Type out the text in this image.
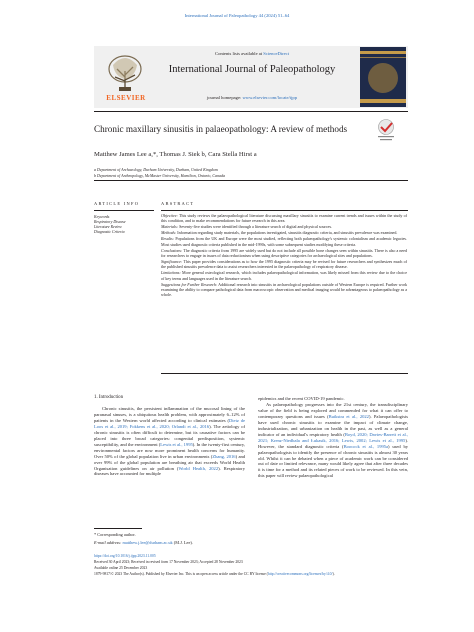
International Journal of Paleopathology 44 (2024) 51–64
ELSEVIER
Contents lists available at ScienceDirect
International Journal of Paleopathology
journal homepage: www.elsevier.com/locate/ijpp
Chronic maxillary sinusitis in palaeopathology: A review of methods
Matthew James Lee a,*, Thomas J. Siek b, Cara Stella Hirst a
a Department of Archaeology, Durham University, Durham, United Kingdom
b Department of Anthropology, McMaster University, Hamilton, Ontario, Canada
ARTICLE INFO	ABSTRACT
Keywords
Respiratory Disease
Literature Review
Diagnostic Criteria

Objective: This study reviews the palaeopathological literature discussing maxillary sinusitis to examine current trends and issues within the study of this condition, and to make recommendations for future research in this area.

Materials: Seventy-five studies were identified through a literature search of digital and physical sources.

Methods: Information regarding study materials, the populations investigated, sinusitis diagnostic criteria, and sinusitis prevalence was examined.

Results: Populations from the UK and Europe were the most studied, reflecting both palaeopathology's systemic colonialism and academic legacies. Most studies used diagnostic criteria published in the mid-1990s, with some subsequent studies modifying these criteria.

Conclusions: The diagnostic criteria from 1995 are widely used but do not include all possible bone changes seen within sinusitis. There is also a need for researchers to engage in issues of data reductionism when using descriptive categories for archaeological sites and populations.

Significance: This paper provides considerations as to how the 1995 diagnostic criteria may be revised for future researchers and synthesizes much of the published sinusitis prevalence data to assist researchers interested in the palaeopathology of respiratory disease.

Limitations: More general osteological research, which includes palaeopathological information, was likely missed from this review due to the choice of key terms and languages used in the literature search.

Suggestions for Further Research: Additional research into sinusitis in archaeological populations outside of Western Europe is required. Further work examining the ability to compare pathological data from macroscopic observation and medical imaging would be advantageous to palaeopathology as a whole.

1. Introduction
Chronic sinusitis, the persistent inflammation of the mucosal lining of the paranasal sinuses, is a ubiquitous health problem, with approximately 6–12% of patients in the Western world affected according to clinical estimates (Dietz de Loos et al., 2019; Fokkens et al., 2020; Orlandi et al., 2016). The aetiology of chronic sinusitis is often difficult to determine, but its causative factors can be placed into three broad categories: congenital predisposition, systemic susceptibility, and the environment (Lewis et al., 1995). In the twenty-first century, environmental factors are now more prominent health concerns for humanity. Over 50% of the global population live in urban environments (Zhang, 2016) and over 99% of the global population are breathing air that exceeds World Health Organisation guidelines on air pollution (World Health, 2022). Respiratory diseases have accounted for multiple

epidemics and the recent COVID-19 pandemic.

As palaeopathology progresses into the 21st century, the transdisciplinary value of the field is being explored and commended for what it can offer to contemporary questions and issues (Buikstra et al., 2022). Palaeopathologists have used chronic sinusitis to examine the impact of climate change, industrialization, and urbanization on health in the past, as well as a general indicator of an individual's respiratory health (Boyd, 2020; Davies-Barrett et al., 2021; Krenz-Niedbala and Łukasik, 2016; Lewis, 2002; Lewis et al., 1995). However, the standard diagnostic criteria (Boocock et al., 1995a) used by palaeopathologists to identify the presence of chronic sinusitis is almost 30 years old. Whilst it can be debated when a piece of academic work can be considered out of date or limited relevance, many would likely agree that after three decades it is time for a method and its related pieces of work to be reviewed. In this vein, this paper will review palaeopathological

* Corresponding author.
E-mail address: matthew.j.lee@durham.ac.uk (M.J. Lee).
https://doi.org/10.1016/j.ijpp.2023.11.005
Received 30 April 2023; Received in revised form 17 November 2023; Accepted 28 November 2023
Available online 25 December 2023
1879-9817/© 2023 The Author(s). Published by Elsevier Inc. This is an open access article under the CC BY license (http://creativecommons.org/licenses/by/4.0/).
